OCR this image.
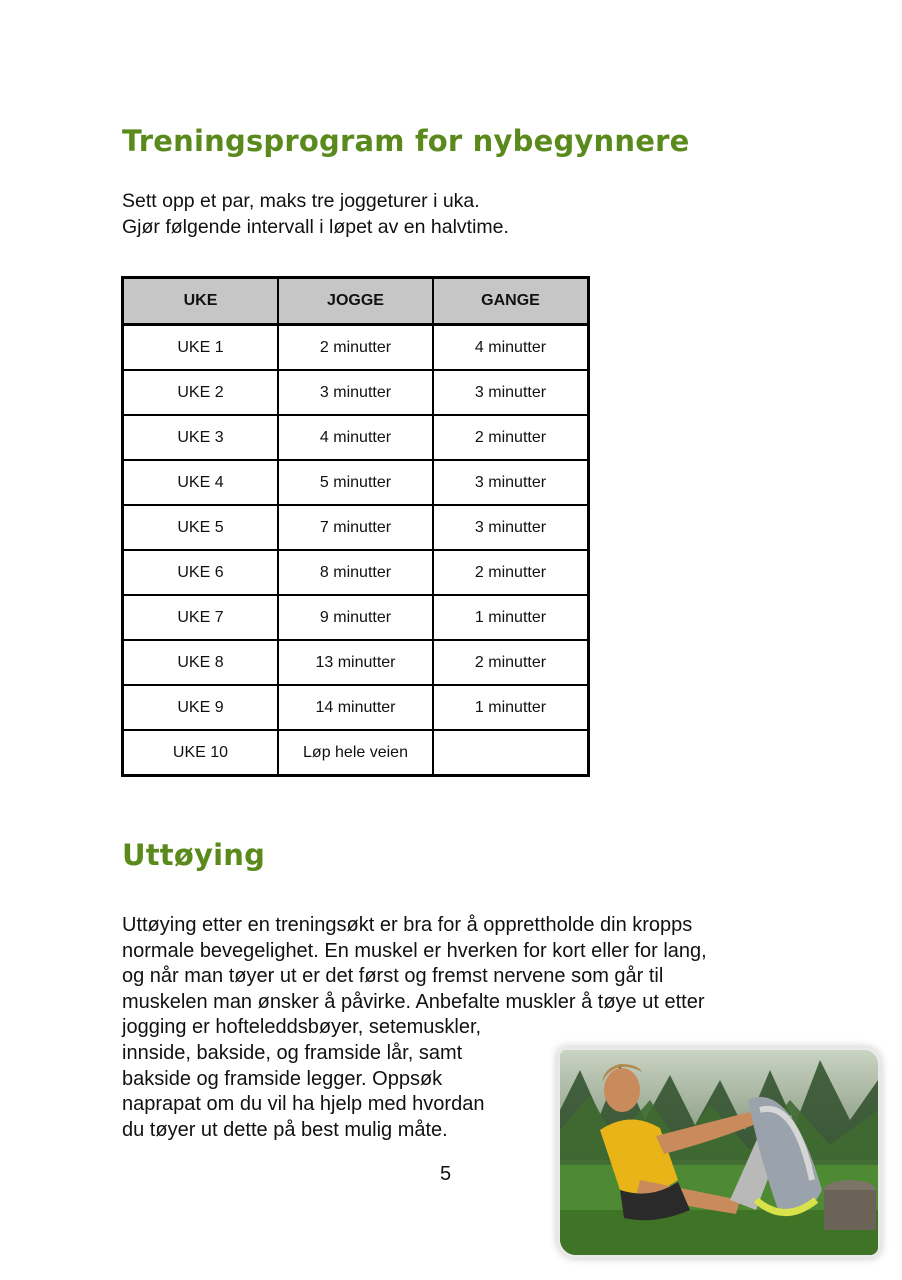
Treningsprogram for nybegynnere
Sett opp et par, maks tre joggeturer i uka.
Gjør følgende intervall i løpet av en halvtime.
UKE	JOGGE	GANGE
UKE 1	2 minutter	4 minutter
UKE 2	3 minutter	3 minutter
UKE 3	4 minutter	2 minutter
UKE 4	5 minutter	3 minutter
UKE 5	7 minutter	3 minutter
UKE 6	8 minutter	2 minutter
UKE 7	9 minutter	1 minutter
UKE 8	13 minutter	2 minutter
UKE 9	14 minutter	1 minutter
UKE 10	Løp hele veien	
Uttøying
Uttøying etter en treningsøkt er bra for å opprettholde din kropps
normale bevegelighet. En muskel er hverken for kort eller for lang,
og når man tøyer ut er det først og fremst nervene som går til
muskelen man ønsker å påvirke. Anbefalte muskler å tøye ut etter
jogging er hofteleddsbøyer, setemuskler,
innside, bakside, og framside lår, samt
bakside og framside legger. Oppsøk
naprapat om du vil ha hjelp med hvordan
du tøyer ut dette på best mulig måte.
5
